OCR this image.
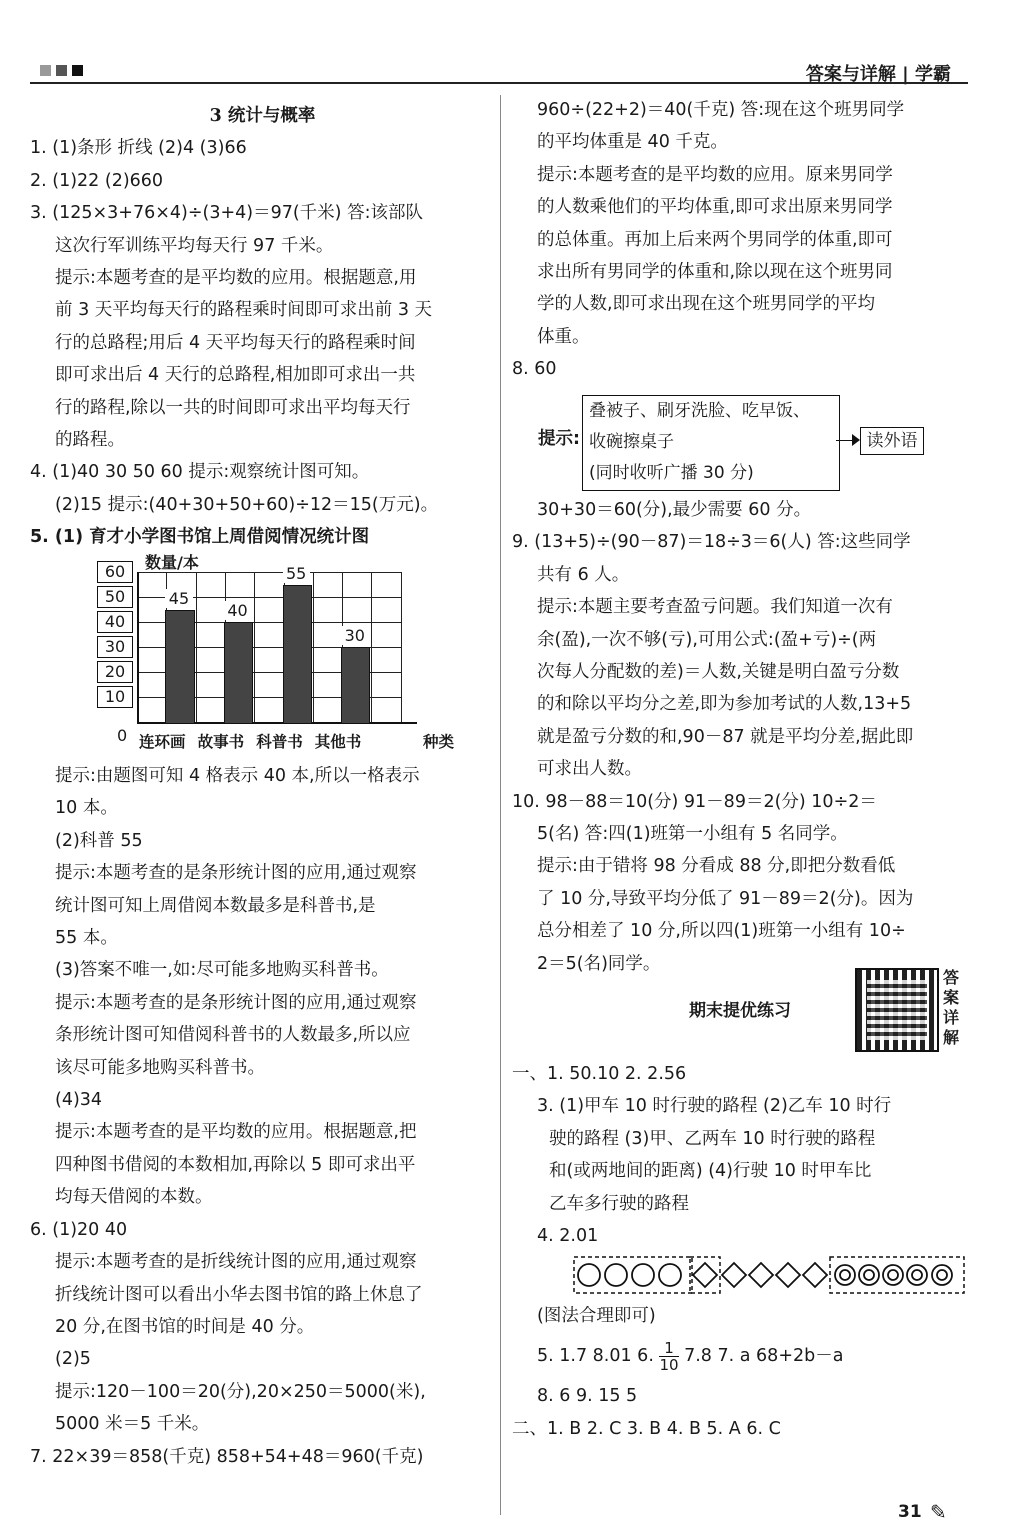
答案与详解 | 学霸

3 统计与概率

1. (1)条形 折线 (2)4 (3)66

2. (1)22 (2)660

3. (125×3+76×4)÷(3+4)＝97(千米) 答:该部队

这次行军训练平均每天行 97 千米。

提示:本题考查的是平均数的应用。根据题意,用

前 3 天平均每天行的路程乘时间即可求出前 3 天

行的总路程;用后 4 天平均每天行的路程乘时间

即可求出后 4 天行的总路程,相加即可求出一共

行的路程,除以一共的时间即可求出平均每天行

的路程。

4. (1)40 30 50 60 提示:观察统计图可知。

(2)15 提示:(40+30+50+60)÷12＝15(万元)。

5. (1) 育才小学图书馆上周借阅情况统计图

数量/本
60
50
40
30
20
10
0
45
40
55
30
连环画 故事书 科普书 其他书	种类

提示:由题图可知 4 格表示 40 本,所以一格表示

10 本。

(2)科普 55

提示:本题考查的是条形统计图的应用,通过观察

统计图可知上周借阅本数最多是科普书,是

55 本。

(3)答案不唯一,如:尽可能多地购买科普书。

提示:本题考查的是条形统计图的应用,通过观察

条形统计图可知借阅科普书的人数最多,所以应

该尽可能多地购买科普书。

(4)34

提示:本题考查的是平均数的应用。根据题意,把

四种图书借阅的本数相加,再除以 5 即可求出平

均每天借阅的本数。

6. (1)20 40

提示:本题考查的是折线统计图的应用,通过观察

折线统计图可以看出小华去图书馆的路上休息了

20 分,在图书馆的时间是 40 分。

(2)5

提示:120－100＝20(分),20×250＝5000(米),

5000 米＝5 千米。

7. 22×39＝858(千克) 858+54+48＝960(千克)

960÷(22+2)＝40(千克) 答:现在这个班男同学

的平均体重是 40 千克。

提示:本题考查的是平均数的应用。原来男同学

的人数乘他们的平均体重,即可求出原来男同学

的总体重。再加上后来两个男同学的体重,即可

求出所有男同学的体重和,除以现在这个班男同

学的人数,即可求出现在这个班男同学的平均

体重。

8. 60

提示:
叠被子、刷牙洗脸、吃早饭、
收碗擦桌子
(同时收听广播 30 分)
读外语

30+30＝60(分),最少需要 60 分。

9. (13+5)÷(90－87)＝18÷3＝6(人) 答:这些同学

共有 6 人。

提示:本题主要考查盈亏问题。我们知道一次有

余(盈),一次不够(亏),可用公式:(盈+亏)÷(两

次每人分配数的差)＝人数,关键是明白盈亏分数

的和除以平均分之差,即为参加考试的人数,13+5

就是盈亏分数的和,90－87 就是平均分差,据此即

可求出人数。

10. 98－88＝10(分) 91－89＝2(分) 10÷2＝

5(名) 答:四(1)班第一小组有 5 名同学。

提示:由于错将 98 分看成 88 分,即把分数看低

了 10 分,导致平均分低了 91－89＝2(分)。因为

总分相差了 10 分,所以四(1)班第一小组有 10÷

2＝5(名)同学。

期末提优练习
答案详解

一、1. 50.10 2. 2.56

3. (1)甲车 10 时行驶的路程 (2)乙车 10 时行

驶的路程 (3)甲、乙两车 10 时行驶的路程

和(或两地间的距离) (4)行驶 10 时甲车比

乙车多行驶的路程

4. 2.01

(图法合理即可)

5. 1.7 8.01 6. $\frac{1}{10} 7.8$ 7. a 68+2b－a

8. 6 9. 15 5

二、1. B 2. C 3. B 4. B 5. A 6. C

31 ✎
